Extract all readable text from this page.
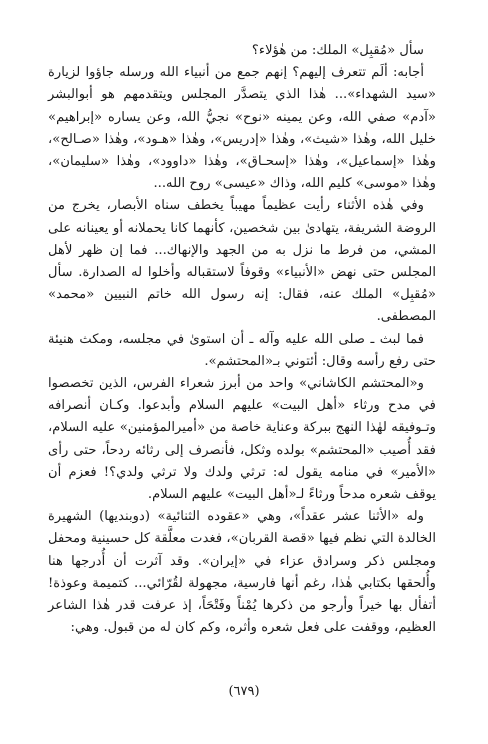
سأل «مُقبِل» الملك: من هٰؤلاء؟

أجابه: ألَم تتعرف إليهم؟ إنهم جمع من أنبياء الله ورسله جاؤوا لزيارة «سيد الشهداء»... هٰذا الذي يتصدَّر المجلس ويتقدمهم هو أبوالبشر «آدم» صفي الله، وعن يمينه «نوح» نجيُّ الله، وعن يساره «إبراهيم» خليل الله، وهٰذا «شيث»، وهٰذا «إدريس»، وهٰذا «هـود»، وهٰذا «صـالح»، وهٰذا «إسماعيل»، وهٰذا «إسحـاق»، وهٰذا «داوود»، وهٰذا «سليمان»، وهٰذا «موسى» كليم الله، وذاك «عيسى» روح الله...

وفي هٰذه الأثناء رأيت عظيماً مهيباً يخطف سناه الأبصار، يخرج من الروضة الشريفة، يتهادىٰ بين شخصين، كأنهما كانا يحملانه أو يعينانه على المشي، من فرط ما نزل به من الجهد والإنهاك... فما إن ظهر لأهل المجلس حتى نهض «الأنبياء» وقوفاً لاستقباله وأخلوا له الصدارة. سأل «مُقبِل» الملك عنه، فقال: إنه رسول الله خاتم النبيين «محمد» المصطفى.

فما لبث ـ صلى الله عليه وآله ـ أن استوىٰ في مجلسه، ومكث هنيئة حتى رفع رأسه وقال: أئتوني بـ«المحتشم».

و«المحتشم الكاشاني» واحد من أبرز شعراء الفرس، الذين تخصصوا في مدح ورثاء «أهل البيت» عليهم السلام وأبدعوا. وكـان أنصرافه وتـوفيقه لهٰذا النهج ببركة وعناية خاصة من «أميرالمؤمنين» عليه السلام، فقد أُصيب «المحتشم» بولده وثكل، فأنصرف إلى رثائه ردحاً، حتى رأى «الأمير» في منامه يقول له: ترثي ولدك ولا ترثي ولدي؟! فعزم أن يوقف شعره مدحاً ورثاءً لـ«أهل البيت» عليهم السلام.

وله «الأثنا عشر عقداً»، وهي «عقوده الثنائية» (دوبنديها) الشهيرة الخالدة التي نظم فيها «قصة القربان»، فغدت معلَّقة كل حسينية ومحفل ومجلس ذكر وسرادق عزاء في «إيران». وقد آثرت أن أُدرجها هنا وأُلحقها بكتابي هٰذا، رغم أنها فارسية، مجهولة لقُرّائي... كتميمة وعوذة! أتفأل بها خيراً وأرجو من ذكرها يُمْناً وفَتْحَاً، إذ عرفت قدر هٰذا الشاعر العظيم، ووقفت على فعل شعره وأثره، وكم كان له من قبول. وهي:

(٦٧٩)
